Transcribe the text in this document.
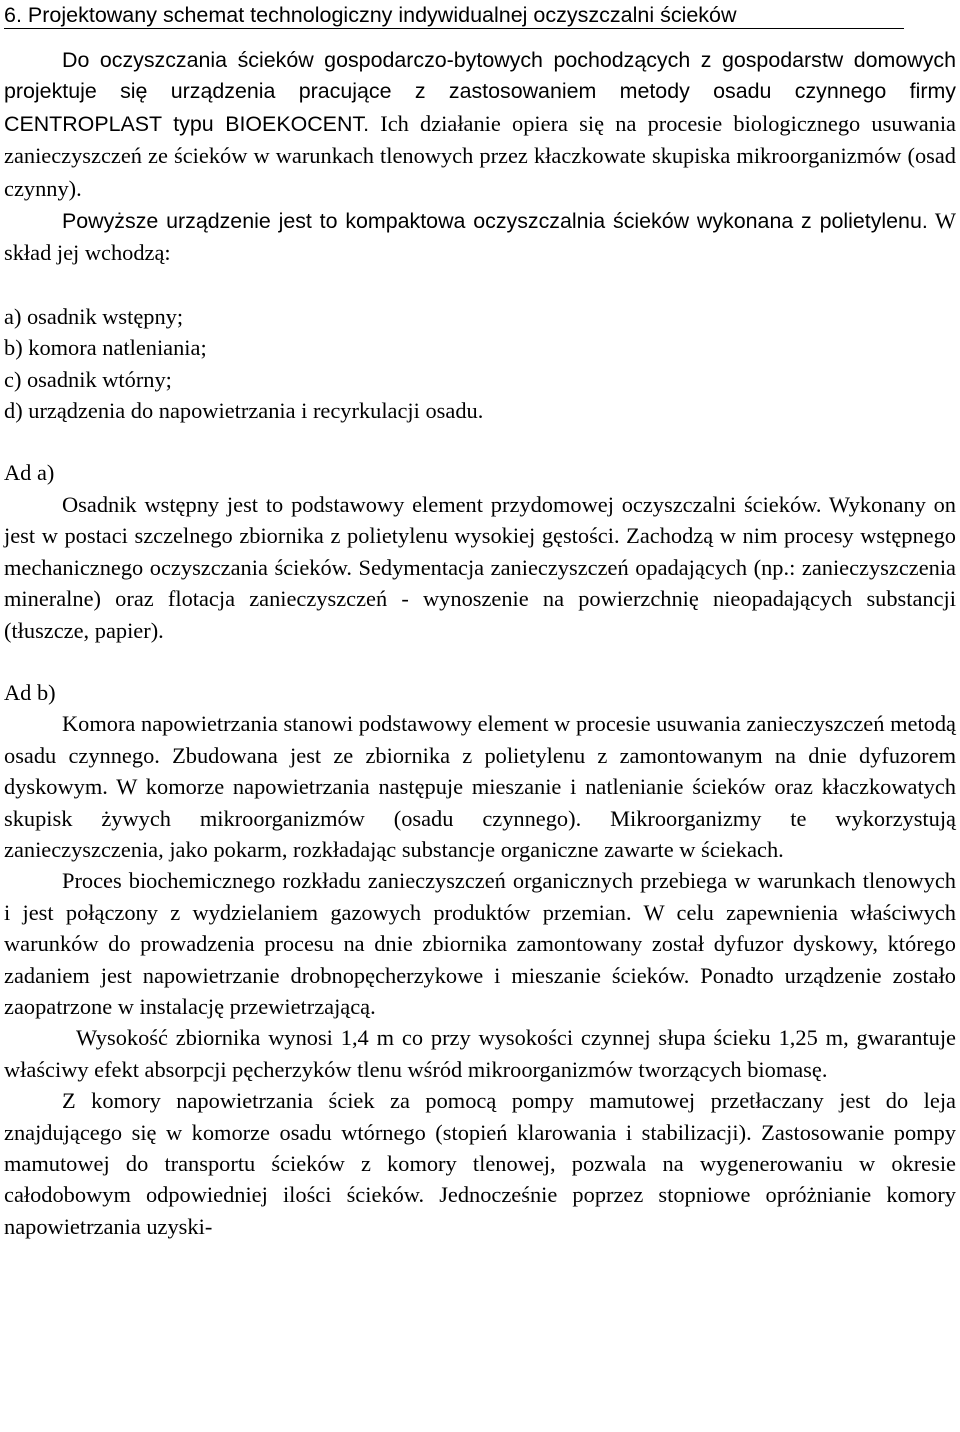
6. Projektowany schemat technologiczny indywidualnej oczyszczalni ścieków

Do oczyszczania ścieków gospodarczo-bytowych pochodzących z gospodarstw domowych projektuje się urządzenia pracujące z zastosowaniem metody osadu czynnego firmy CENTROPLAST typu BIOEKOCENT. Ich działanie opiera się na procesie biologicznego usuwania zanieczyszczeń ze ścieków w warunkach tlenowych przez kłaczkowate skupiska mikroorganizmów (osad czynny).

Powyższe urządzenie jest to kompaktowa oczyszczalnia ścieków wykonana z polietylenu. W skład jej wchodzą:

a) osadnik wstępny;

b) komora natleniania;

c) osadnik wtórny;

d) urządzenia do napowietrzania i recyrkulacji osadu.

Ad a)

Osadnik wstępny jest to podstawowy element przydomowej oczyszczalni ścieków. Wykonany on jest w postaci szczelnego zbiornika z polietylenu wysokiej gęstości. Zachodzą w nim procesy wstępnego mechanicznego oczyszczania ścieków. Sedymentacja zanieczyszczeń opadających (np.: zanieczyszczenia mineralne) oraz flotacja zanieczyszczeń - wynoszenie na powierzchnię nieopadających substancji (tłuszcze, papier).

Ad b)

Komora napowietrzania stanowi podstawowy element w procesie usuwania zanieczyszczeń metodą osadu czynnego. Zbudowana jest ze zbiornika z polietylenu z zamontowanym na dnie dyfuzorem dyskowym. W komorze napowietrzania następuje mieszanie i natlenianie ścieków oraz kłaczkowatych skupisk żywych mikroorganizmów (osadu czynnego). Mikroorganizmy te wykorzystują zanieczyszczenia, jako pokarm, rozkładając substancje organiczne zawarte w ściekach.

Proces biochemicznego rozkładu zanieczyszczeń organicznych przebiega w warunkach tlenowych i jest połączony z wydzielaniem gazowych produktów przemian. W celu zapewnienia właściwych warunków do prowadzenia procesu na dnie zbiornika zamontowany został dyfuzor dyskowy, którego zadaniem jest napowietrzanie drobnopęcherzykowe i mieszanie ścieków. Ponadto urządzenie zostało zaopatrzone w instalację przewietrzającą.

Wysokość zbiornika wynosi 1,4 m co przy wysokości czynnej słupa ścieku 1,25 m, gwarantuje właściwy efekt absorpcji pęcherzyków tlenu wśród mikroorganizmów tworzących biomasę.

Z komory napowietrzania ściek za pomocą pompy mamutowej przetłaczany jest do leja znajdującego się w komorze osadu wtórnego (stopień klarowania i stabilizacji). Zastosowanie pompy mamutowej do transportu ścieków z komory tlenowej, pozwala na wygenerowaniu w okresie całodobowym odpowiedniej ilości ścieków. Jednocześnie poprzez stopniowe opróżnianie komory napowietrzania uzyski-
